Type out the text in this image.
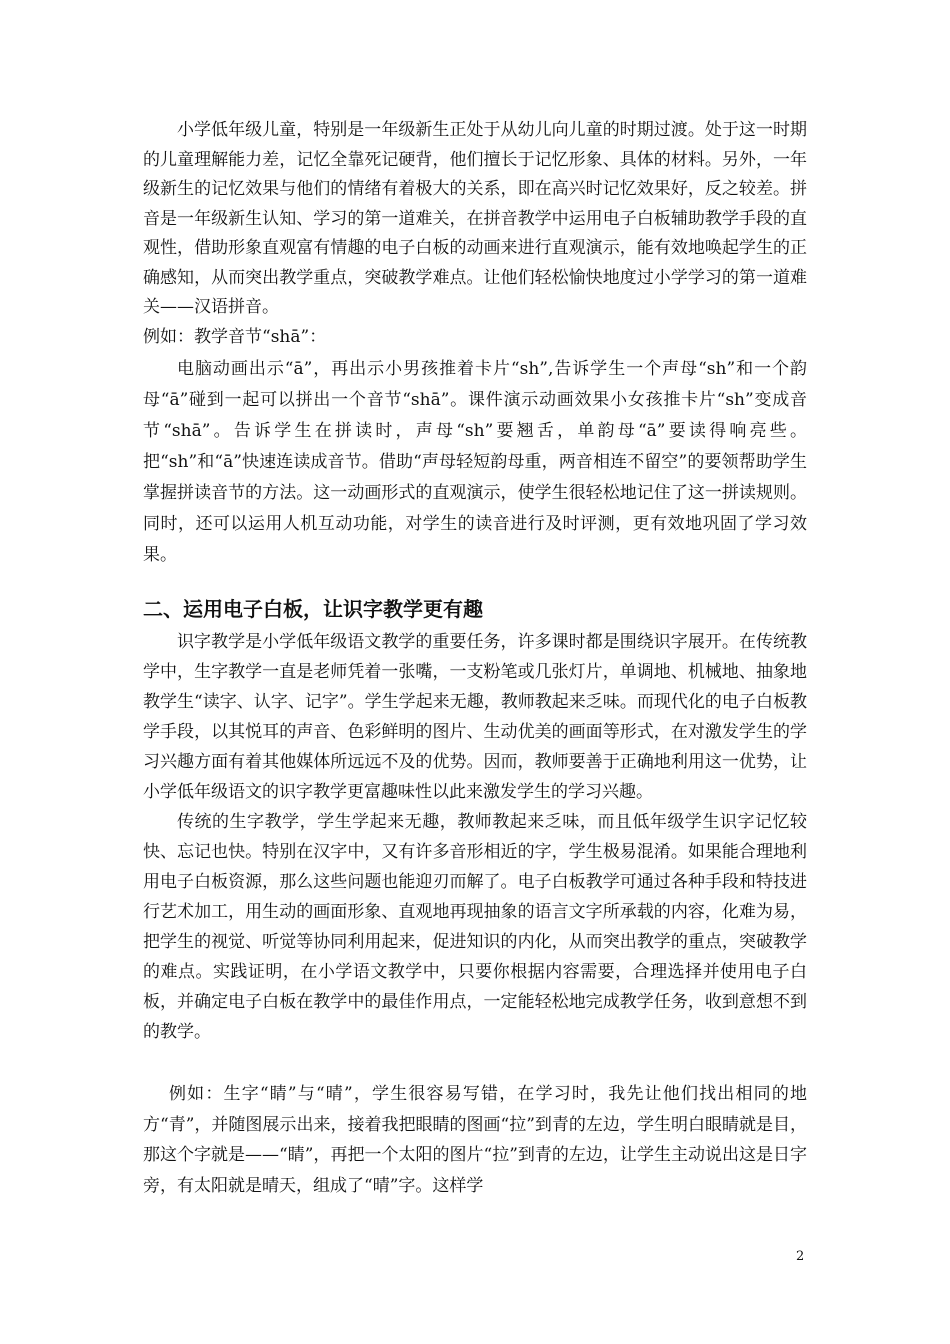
小学低年级儿童，特别是一年级新生正处于从幼儿向儿童的时期过渡。处于这一时期的儿童理解能力差，记忆全靠死记硬背，他们擅长于记忆形象、具体的材料。另外，一年级新生的记忆效果与他们的情绪有着极大的关系，即在高兴时记忆效果好，反之较差。拼音是一年级新生认知、学习的第一道难关，在拼音教学中运用电子白板辅助教学手段的直观性，借助形象直观富有情趣的电子白板的动画来进行直观演示，能有效地唤起学生的正确感知，从而突出教学重点，突破教学难点。让他们轻松愉快地度过小学学习的第一道难关——汉语拼音。

例如：教学音节“shā”：

电脑动画出示“ā”，再出示小男孩推着卡片“sh”,告诉学生一个声母“sh”和一个韵母“ā”碰到一起可以拼出一个音节“shā”。课件演示动画效果小女孩推卡片“sh”变成音节“shā”。告诉学生在拼读时，声母“sh”要翘舌，单韵母“ā”要读得响亮些。把“sh”和“ā”快速连读成音节。借助“声母轻短韵母重，两音相连不留空”的要领帮助学生掌握拼读音节的方法。这一动画形式的直观演示，使学生很轻松地记住了这一拼读规则。同时，还可以运用人机互动功能，对学生的读音进行及时评测，更有效地巩固了学习效果。

二、运用电子白板，让识字教学更有趣

识字教学是小学低年级语文教学的重要任务，许多课时都是围绕识字展开。在传统教学中，生字教学一直是老师凭着一张嘴，一支粉笔或几张灯片，单调地、机械地、抽象地教学生“读字、认字、记字”。学生学起来无趣，教师教起来乏味。而现代化的电子白板教学手段，以其悦耳的声音、色彩鲜明的图片、生动优美的画面等形式，在对激发学生的学习兴趣方面有着其他媒体所远远不及的优势。因而，教师要善于正确地利用这一优势，让小学低年级语文的识字教学更富趣味性以此来激发学生的学习兴趣。

传统的生字教学，学生学起来无趣，教师教起来乏味，而且低年级学生识字记忆较快、忘记也快。特别在汉字中，又有许多音形相近的字，学生极易混淆。如果能合理地利用电子白板资源，那么这些问题也能迎刃而解了。电子白板教学可通过各种手段和特技进行艺术加工，用生动的画面形象、直观地再现抽象的语言文字所承载的内容，化难为易，把学生的视觉、听觉等协同利用起来，促进知识的内化，从而突出教学的重点，突破教学的难点。实践证明，在小学语文教学中，只要你根据内容需要，合理选择并使用电子白板，并确定电子白板在教学中的最佳作用点，一定能轻松地完成教学任务，收到意想不到的教学。

例如：生字“睛”与“晴”，学生很容易写错，在学习时，我先让他们找出相同的地方“青”，并随图展示出来，接着我把眼睛的图画“拉”到青的左边，学生明白眼睛就是目，那这个字就是——“睛”，再把一个太阳的图片“拉”到青的左边，让学生主动说出这是日字旁，有太阳就是晴天，组成了“晴”字。这样学

2
